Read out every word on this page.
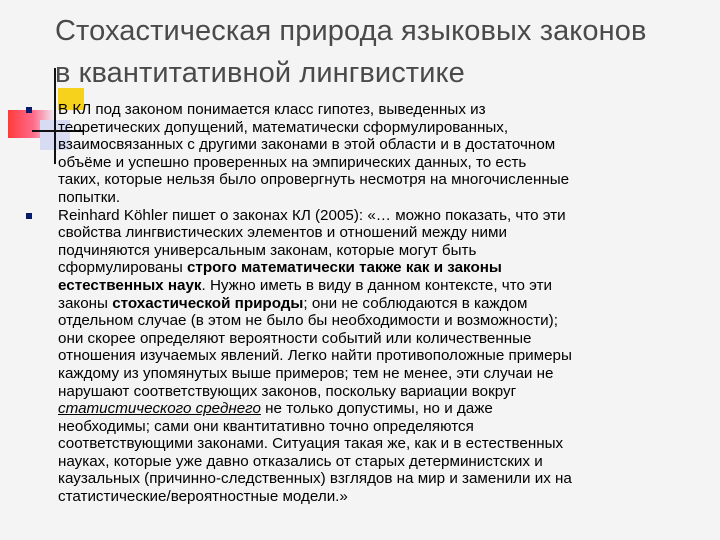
Стохастическая природа языковых законов
в квантитативной лингвистике
В КЛ под законом понимается класс гипотез, выведенных из
теоретических допущений, математически сформулированных,
взаимосвязанных с другими законами в этой области и в достаточном
объёме и успешно проверенных на эмпирических данных, то есть
таких, которые нельзя было опровергнуть несмотря на многочисленные
попытки.
Reinhard Köhler пишет о законах КЛ (2005): «… можно показать, что эти
свойства лингвистических элементов и отношений между ними
подчиняются универсальным законам, которые могут быть
сформулированы строго математически также как и законы
естественных наук. Нужно иметь в виду в данном контексте, что эти
законы стохастической природы; они не соблюдаются в каждом
отдельном случае (в этом не было бы необходимости и возможности);
они скорее определяют вероятности событий или количественные
отношения изучаемых явлений. Легко найти противоположные примеры
каждому из упомянутых выше примеров; тем не менее, эти случаи не
нарушают соответствующих законов, поскольку вариации вокруг
статистического среднего не только допустимы, но и даже
необходимы; сами они квантитативно точно определяются
соответствующими законами. Ситуация такая же, как и в естественных
науках, которые уже давно отказались от старых детерминистских и
каузальных (причинно-следственных) взглядов на мир и заменили их на
статистические/вероятностные модели.»
